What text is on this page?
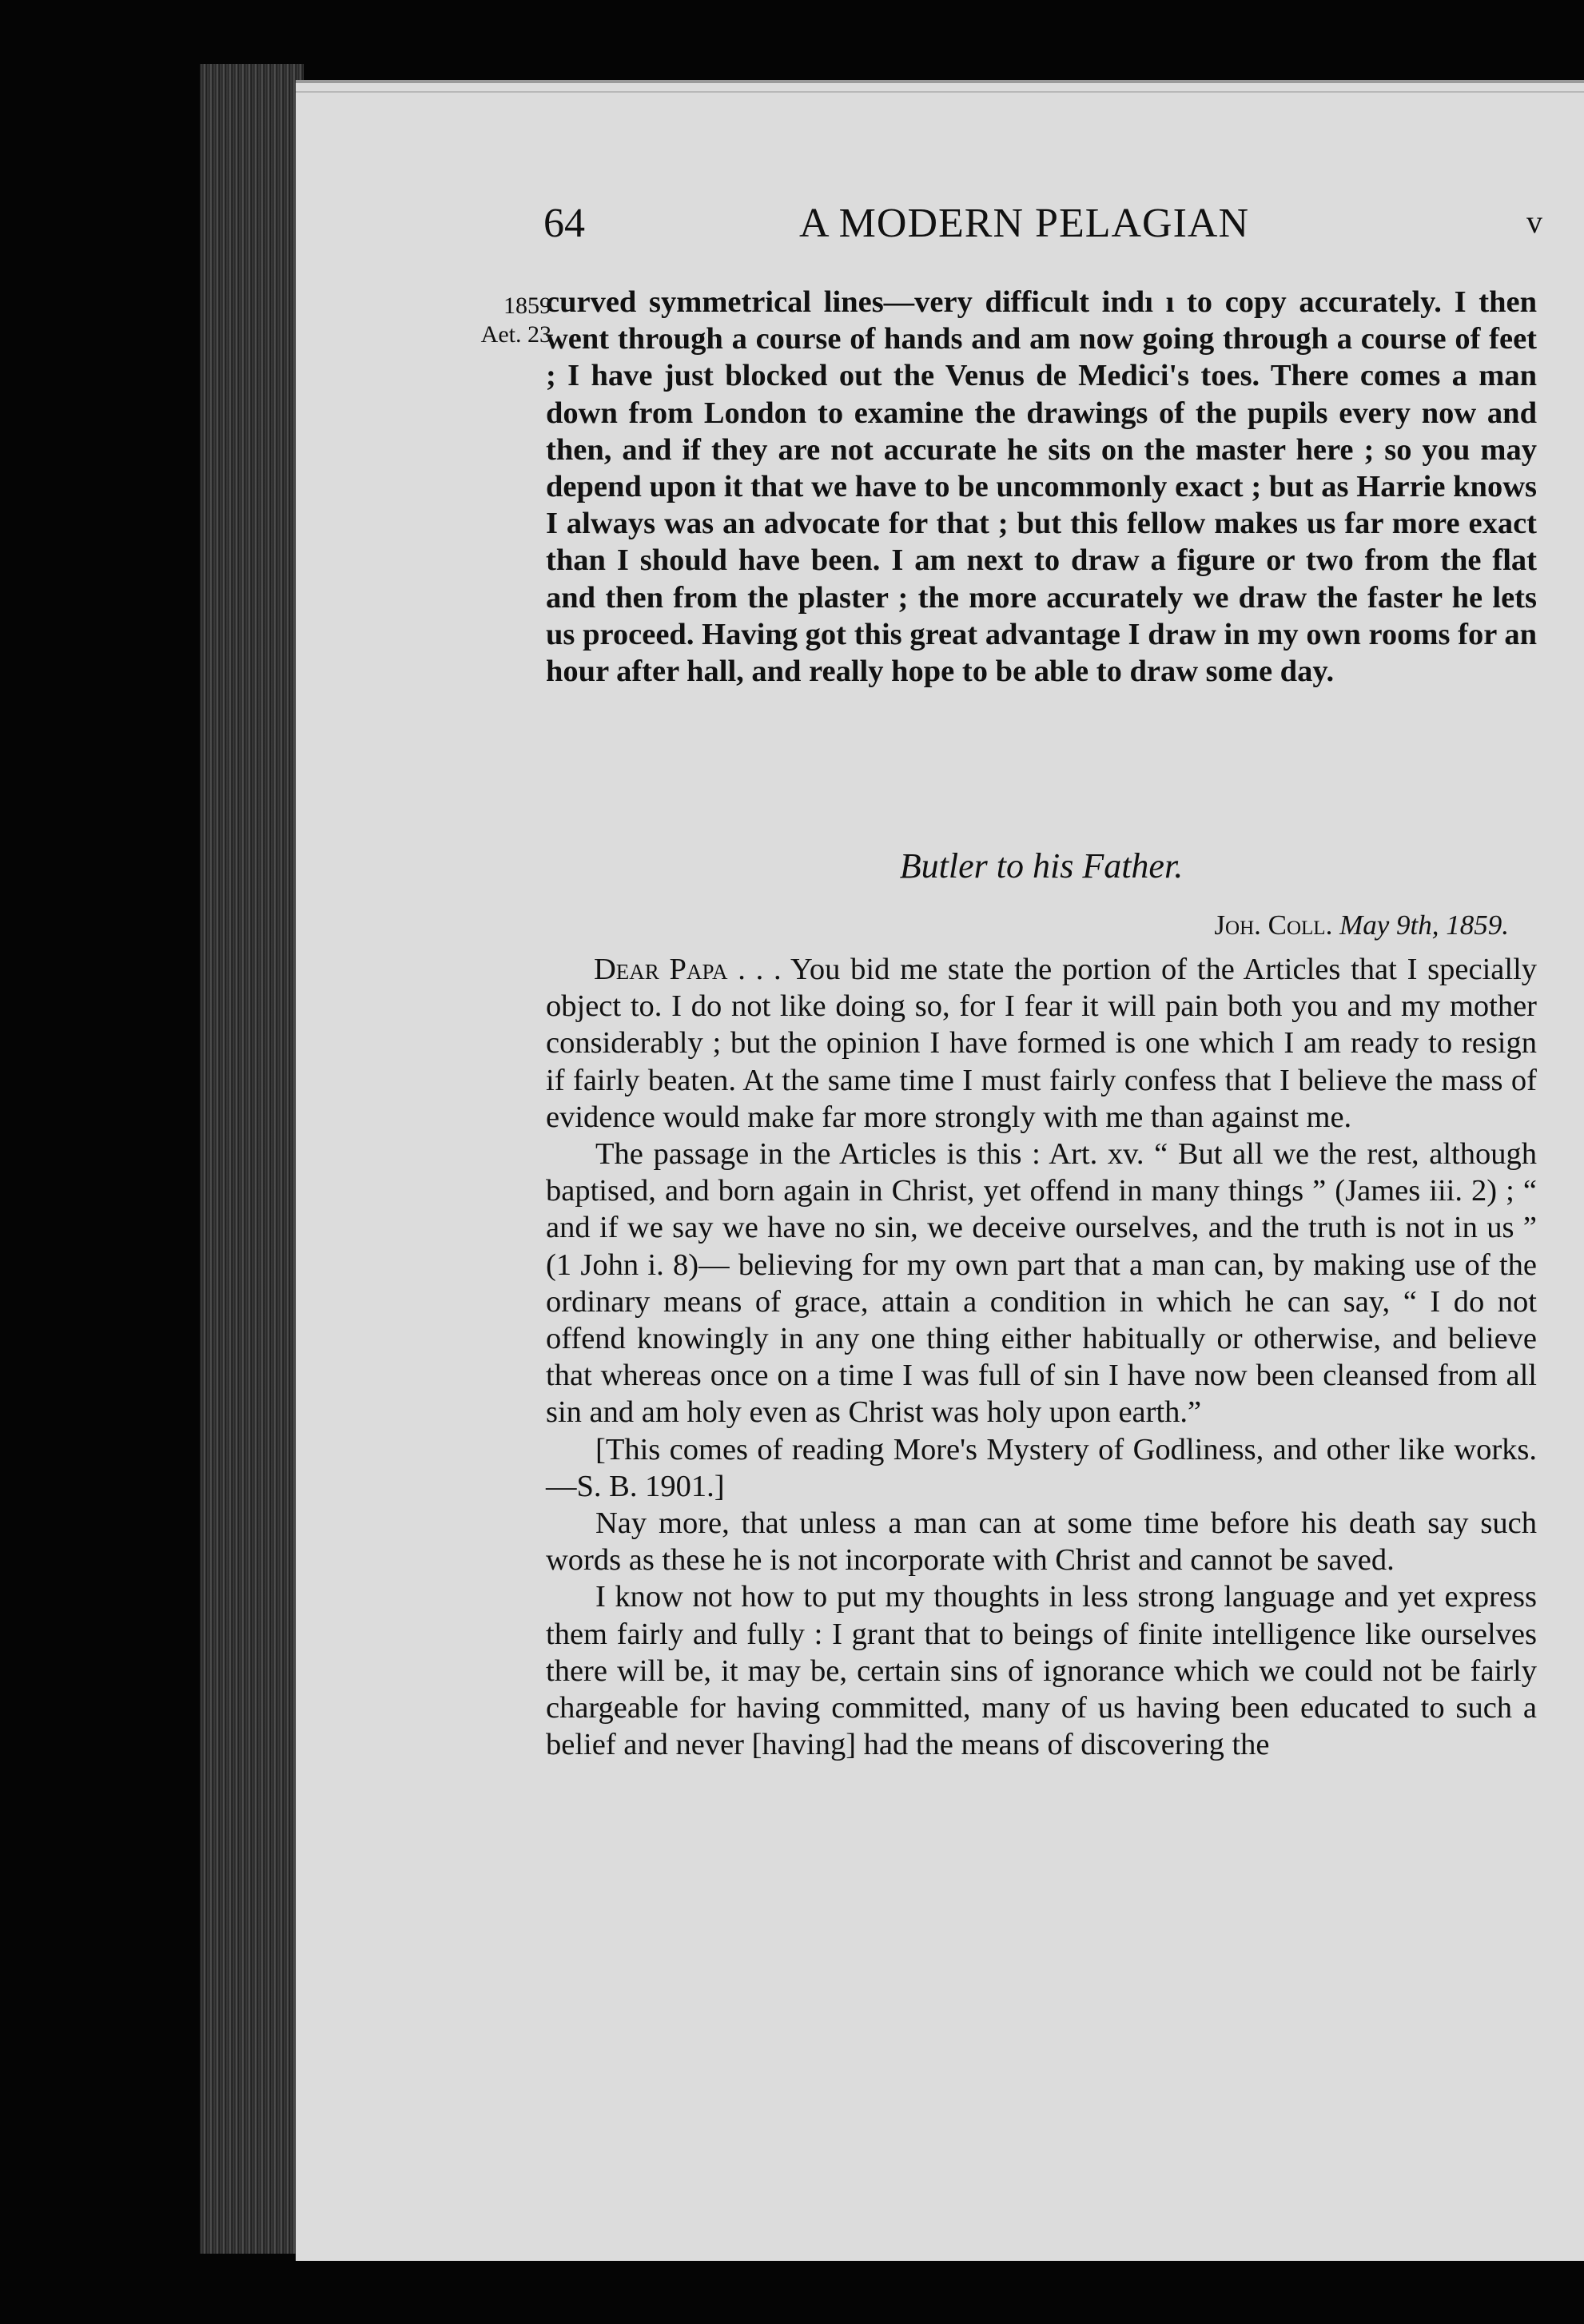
64	A MODERN PELAGIAN	v
1859
Aet. 23

curved symmetrical lines—very difficult indı ı to copy accurately. I then went through a course of hands and am now going through a course of feet ; I have just blocked out the Venus de Medici's toes. There comes a man down from London to examine the drawings of the pupils every now and then, and if they are not accurate he sits on the master here ; so you may depend upon it that we have to be uncommonly exact ; but as Harrie knows I always was an advocate for that ; but this fellow makes us far more exact than I should have been. I am next to draw a figure or two from the flat and then from the plaster ; the more accurately we draw the faster he lets us proceed. Having got this great advantage I draw in my own rooms for an hour after hall, and really hope to be able to draw some day.

Butler to his Father.
Joh. Coll. May 9th, 1859.

Dear Papa . . . You bid me state the portion of the Articles that I specially object to. I do not like doing so, for I fear it will pain both you and my mother considerably ; but the opinion I have formed is one which I am ready to resign if fairly beaten. At the same time I must fairly confess that I believe the mass of evidence would make far more strongly with me than against me.

The passage in the Articles is this : Art. xv. “ But all we the rest, although baptised, and born again in Christ, yet offend in many things ” (James iii. 2) ; “ and if we say we have no sin, we deceive ourselves, and the truth is not in us ” (1 John i. 8)— believing for my own part that a man can, by making use of the ordinary means of grace, attain a condition in which he can say, “ I do not offend knowingly in any one thing either habitually or otherwise, and believe that whereas once on a time I was full of sin I have now been cleansed from all sin and am holy even as Christ was holy upon earth.”

[This comes of reading More's Mystery of Godliness, and other like works.—S. B. 1901.]

Nay more, that unless a man can at some time before his death say such words as these he is not incorporate with Christ and cannot be saved.

I know not how to put my thoughts in less strong language and yet express them fairly and fully : I grant that to beings of finite intelligence like ourselves there will be, it may be, certain sins of ignorance which we could not be fairly chargeable for having committed, many of us having been educated to such a belief and never [having] had the means of discovering the
